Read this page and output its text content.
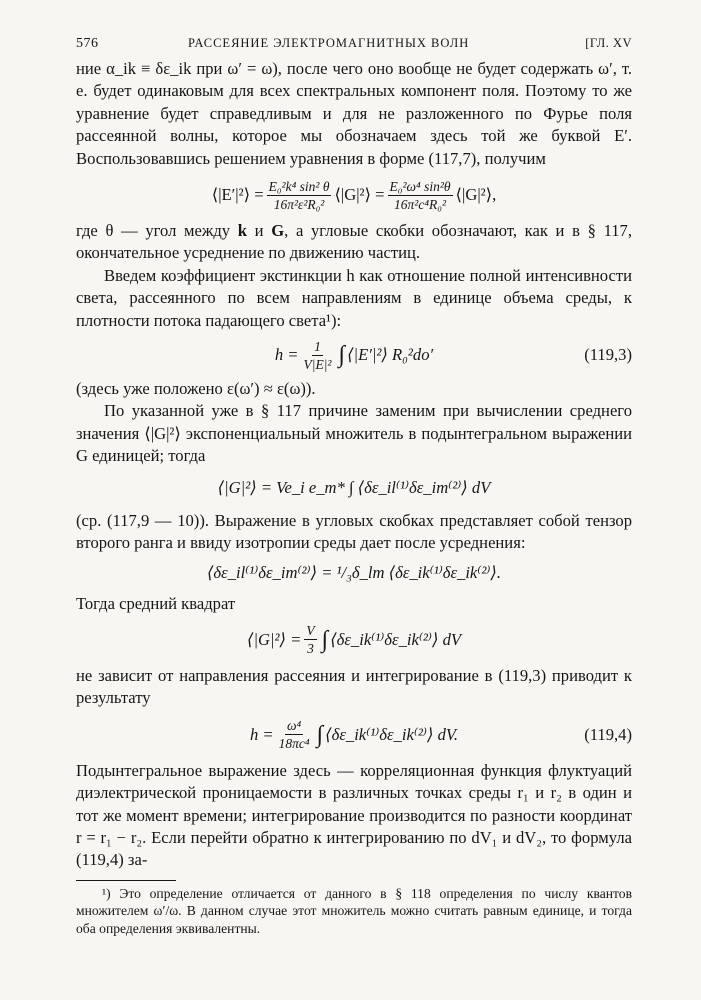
576	РАССЕЯНИЕ ЭЛЕКТРОМАГНИТНЫХ ВОЛН	[ГЛ. XV

ние α_ik ≡ δε_ik при ω′ = ω), после чего оно вообще не будет содержать ω′, т. е. будет одинаковым для всех спектральных компонент поля. Поэтому то же уравнение будет справедливым и для не разложенного по Фурье поля рассеянной волны, которое мы обозначаем здесь той же буквой E′. Воспользовавшись решением уравнения в форме (117,7), получим

⟨|E′|²⟩ = $\frac{\text{E₀²k⁴ sin² θ}}{\text{16π²ε²R₀²}}$ ⟨|G|²⟩ = $\frac{\text{E₀²ω⁴ sin²θ}}{\text{16π²c⁴R₀²}}$ ⟨|G|²⟩,

где θ — угол между k и G, а угловые скобки обозначают, как и в § 117, окончательное усреднение по движению частиц.

Введем коэффициент экстинкции h как отношение полной интенсивности света, рассеянного по всем направлениям в единице объема среды, к плотности потока падающего света¹):

$h = \frac{1}{\text{V|E|²}}$ ∫ ⟨|E′|²⟩ R₀²do′	(119,3)

(здесь уже положено ε(ω′) ≈ ε(ω)).

По указанной уже в § 117 причине заменим при вычислении среднего значения ⟨|G|²⟩ экспоненциальный множитель в подынтегральном выражении G единицей; тогда

⟨|G|²⟩ = Ve_i e_m* ∫ ⟨δε_il⁽¹⁾δε_im⁽²⁾⟩ dV

(ср. (117,9 — 10)). Выражение в угловых скобках представляет собой тензор второго ранга и ввиду изотропии среды дает после усреднения:

⟨δε_il⁽¹⁾δε_im⁽²⁾⟩ = ¹/₃δ_lm ⟨δε_ik⁽¹⁾δε_ik⁽²⁾⟩.

Тогда средний квадрат

⟨|G|²⟩ = $\frac{V}{3}$ ∫ ⟨δε_ik⁽¹⁾δε_ik⁽²⁾⟩ dV

не зависит от направления рассеяния и интегрирование в (119,3) приводит к результату

$h = \frac{\text{ω⁴}}{\text{18πc⁴}}$ ∫ ⟨δε_ik⁽¹⁾δε_ik⁽²⁾⟩ dV.	(119,4)

Подынтегральное выражение здесь — корреляционная функция флуктуаций диэлектрической проницаемости в различных точках среды r₁ и r₂ в один и тот же момент времени; интегрирование производится по разности координат r = r₁ − r₂. Если перейти обратно к интегрированию по dV₁ и dV₂, то формула (119,4) за-

¹) Это определение отличается от данного в § 118 определения по числу квантов множителем ω′/ω. В данном случае этот множитель можно считать равным единице, и тогда оба определения эквивалентны.
